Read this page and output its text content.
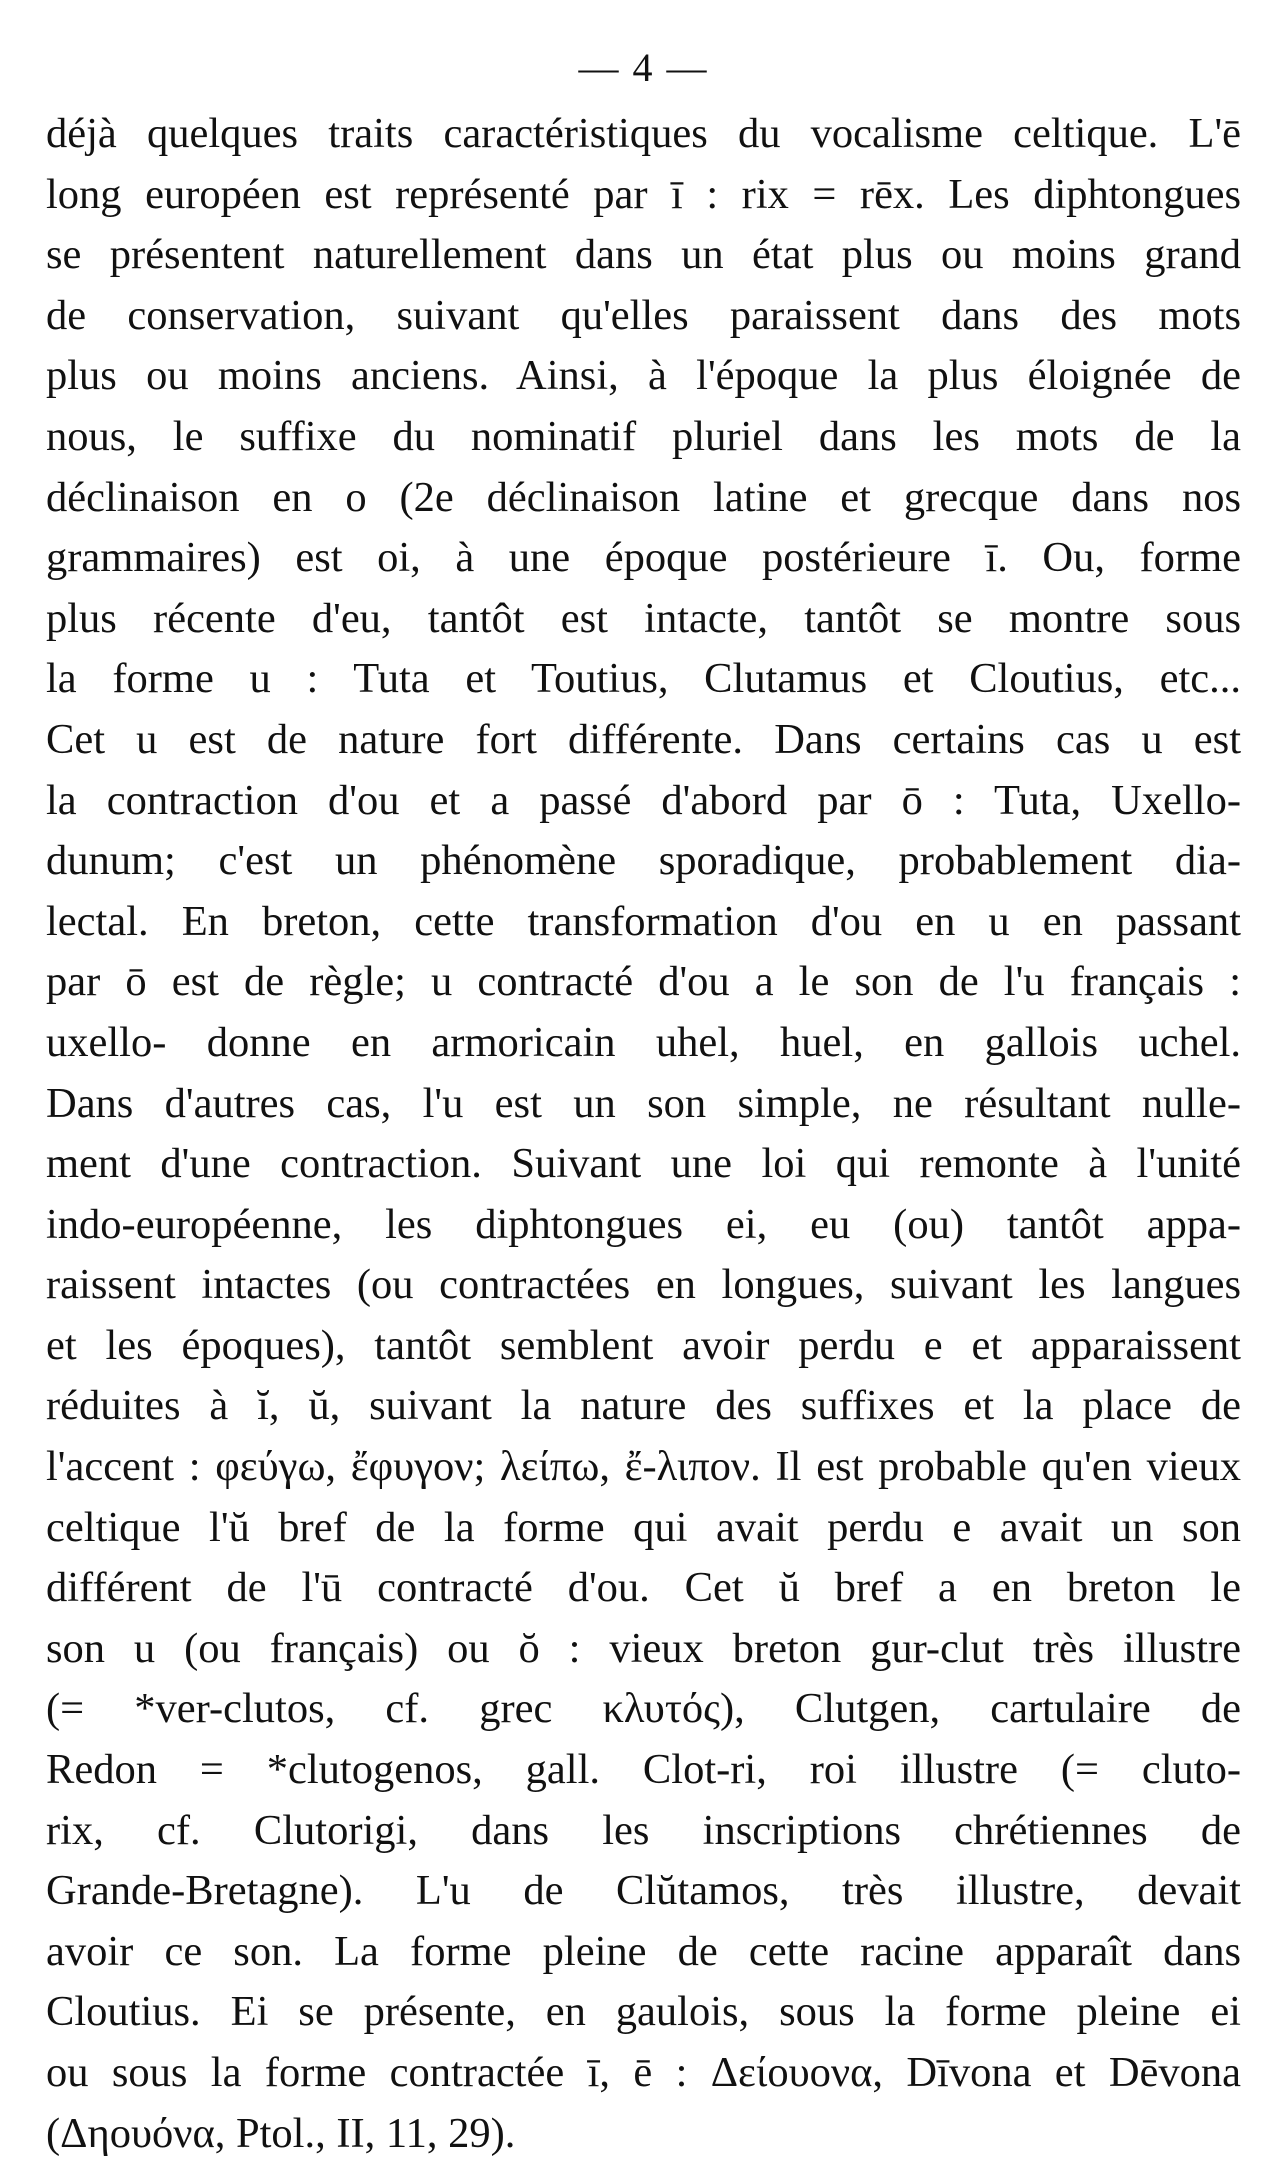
— 4 —

déjà quelques traits caractéristiques du vocalisme celtique. L'ē
long européen est représenté par ī : rix = rēx. Les diphtongues
se présentent naturellement dans un état plus ou moins grand
de conservation, suivant qu'elles paraissent dans des mots
plus ou moins anciens. Ainsi, à l'époque la plus éloignée de
nous, le suffixe du nominatif pluriel dans les mots de la
déclinaison en o (2e déclinaison latine et grecque dans nos
grammaires) est oi, à une époque postérieure ī. Ou, forme
plus récente d'eu, tantôt est intacte, tantôt se montre sous
la forme u : Tuta et Toutius, Clutamus et Cloutius, etc...
Cet u est de nature fort différente. Dans certains cas u est
la contraction d'ou et a passé d'abord par ō : Tuta, Uxello-
dunum; c'est un phénomène sporadique, probablement dia-
lectal. En breton, cette transformation d'ou en u en passant
par ō est de règle; u contracté d'ou a le son de l'u français :
uxello- donne en armoricain uhel, huel, en gallois uchel.
Dans d'autres cas, l'u est un son simple, ne résultant nulle-
ment d'une contraction. Suivant une loi qui remonte à l'unité
indo-européenne, les diphtongues ei, eu (ou) tantôt appa-
raissent intactes (ou contractées en longues, suivant les langues
et les époques), tantôt semblent avoir perdu e et apparaissent
réduites à ĭ, ŭ, suivant la nature des suffixes et la place de
l'accent : φεύγω, ἔφυγον; λείπω, ἔ-λιπον. Il est probable qu'en vieux
celtique l'ŭ bref de la forme qui avait perdu e avait un son
différent de l'ū contracté d'ou. Cet ŭ bref a en breton le
son u (ou français) ou ŏ : vieux breton gur-clut très illustre
(= *ver-clutos, cf. grec κλυτός), Clutgen, cartulaire de
Redon = *clutogenos, gall. Clot-ri, roi illustre (= cluto-
rix, cf. Clutorigi, dans les inscriptions chrétiennes de
Grande-Bretagne). L'u de Clŭtamos, très illustre, devait
avoir ce son. La forme pleine de cette racine apparaît dans
Cloutius. Ei se présente, en gaulois, sous la forme pleine ei
ou sous la forme contractée ī, ē : Δείουονα, Dīvona et Dēvona
(Δηουόνα, Ptol., II, 11, 29).
